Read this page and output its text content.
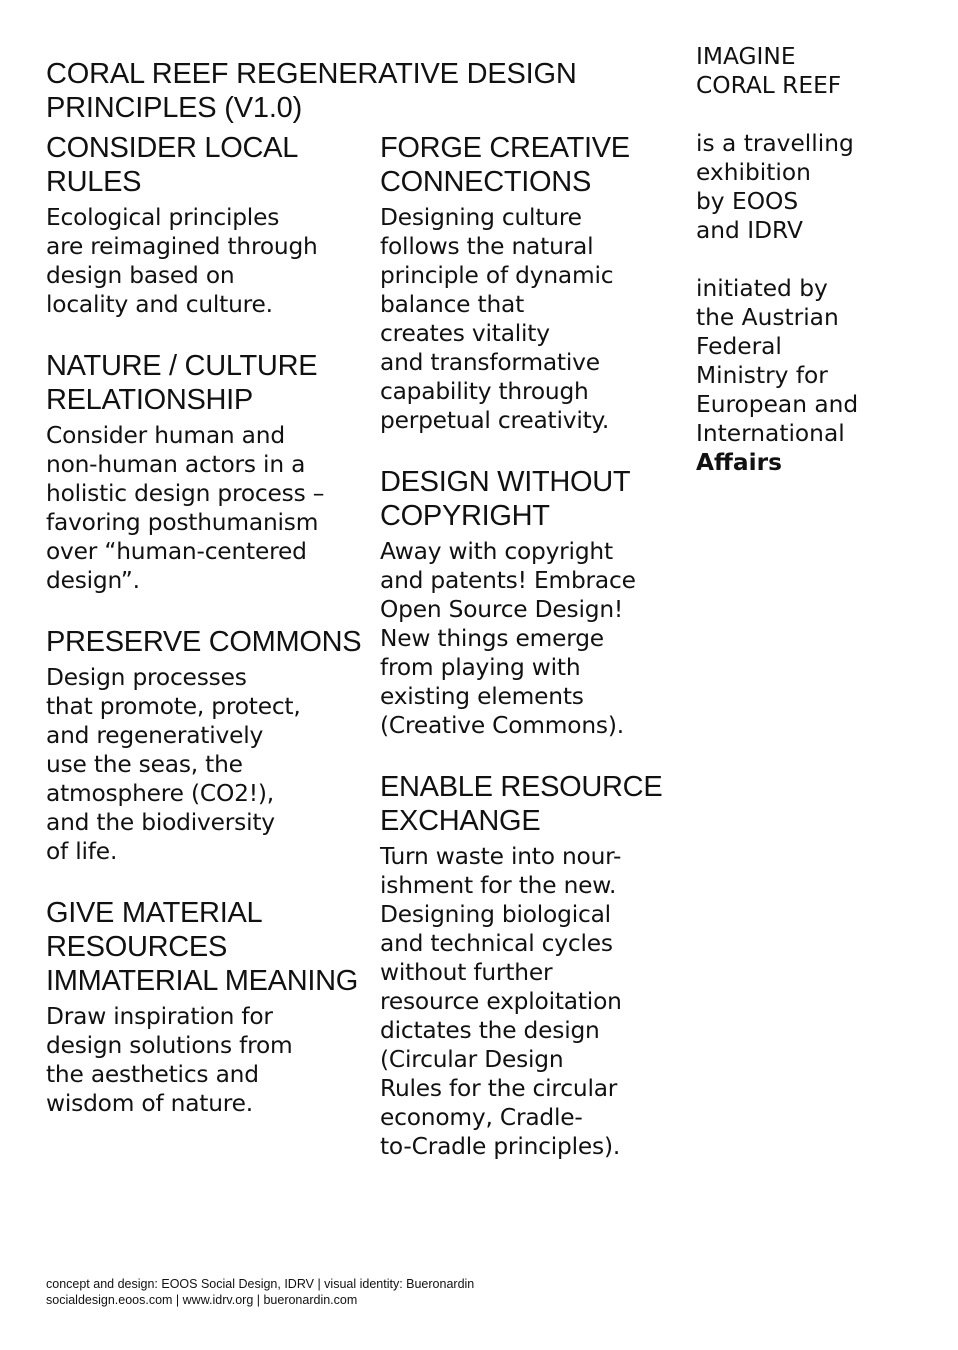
CORAL REEF REGENERATIVE DESIGN
PRINCIPLES (V1.0)
CONSIDER LOCAL
RULES

Ecological principles
are reimagined through
design based on
locality and culture.

NATURE / CULTURE
RELATIONSHIP

Consider human and
non-human actors in a
holistic design process –
favoring posthumanism
over “human-centered
design”.

PRESERVE COMMONS

Design processes
that promote, protect,
and regeneratively
use the seas, the
atmosphere (CO2!),
and the biodiversity
of life.

GIVE MATERIAL
RESOURCES
IMMATERIAL MEANING

Draw inspiration for
design solutions from
the aesthetics and
wisdom of nature.

FORGE CREATIVE
CONNECTIONS

Designing culture
follows the natural
principle of dynamic
balance that
creates vitality
and transformative
capability through
perpetual creativity.

DESIGN WITHOUT
COPYRIGHT

Away with copyright
and patents! Embrace
Open Source Design!
New things emerge
from playing with
existing elements
(Creative Commons).

ENABLE RESOURCE
EXCHANGE

Turn waste into nour-
ishment for the new.
Designing biological
and technical cycles
without further
resource exploitation
dictates the design
(Circular Design
Rules for the circular
economy, Cradle-
to-Cradle principles).

IMAGINE
CORAL REEF

is a travelling
exhibition
by EOOS
and IDRV

initiated by
the Austrian
Federal
Ministry for
European and
International

Affairs

concept and design: EOOS Social Design, IDRV | visual identity: Bueronardin
socialdesign.eoos.com | www.idrv.org | bueronardin.com
